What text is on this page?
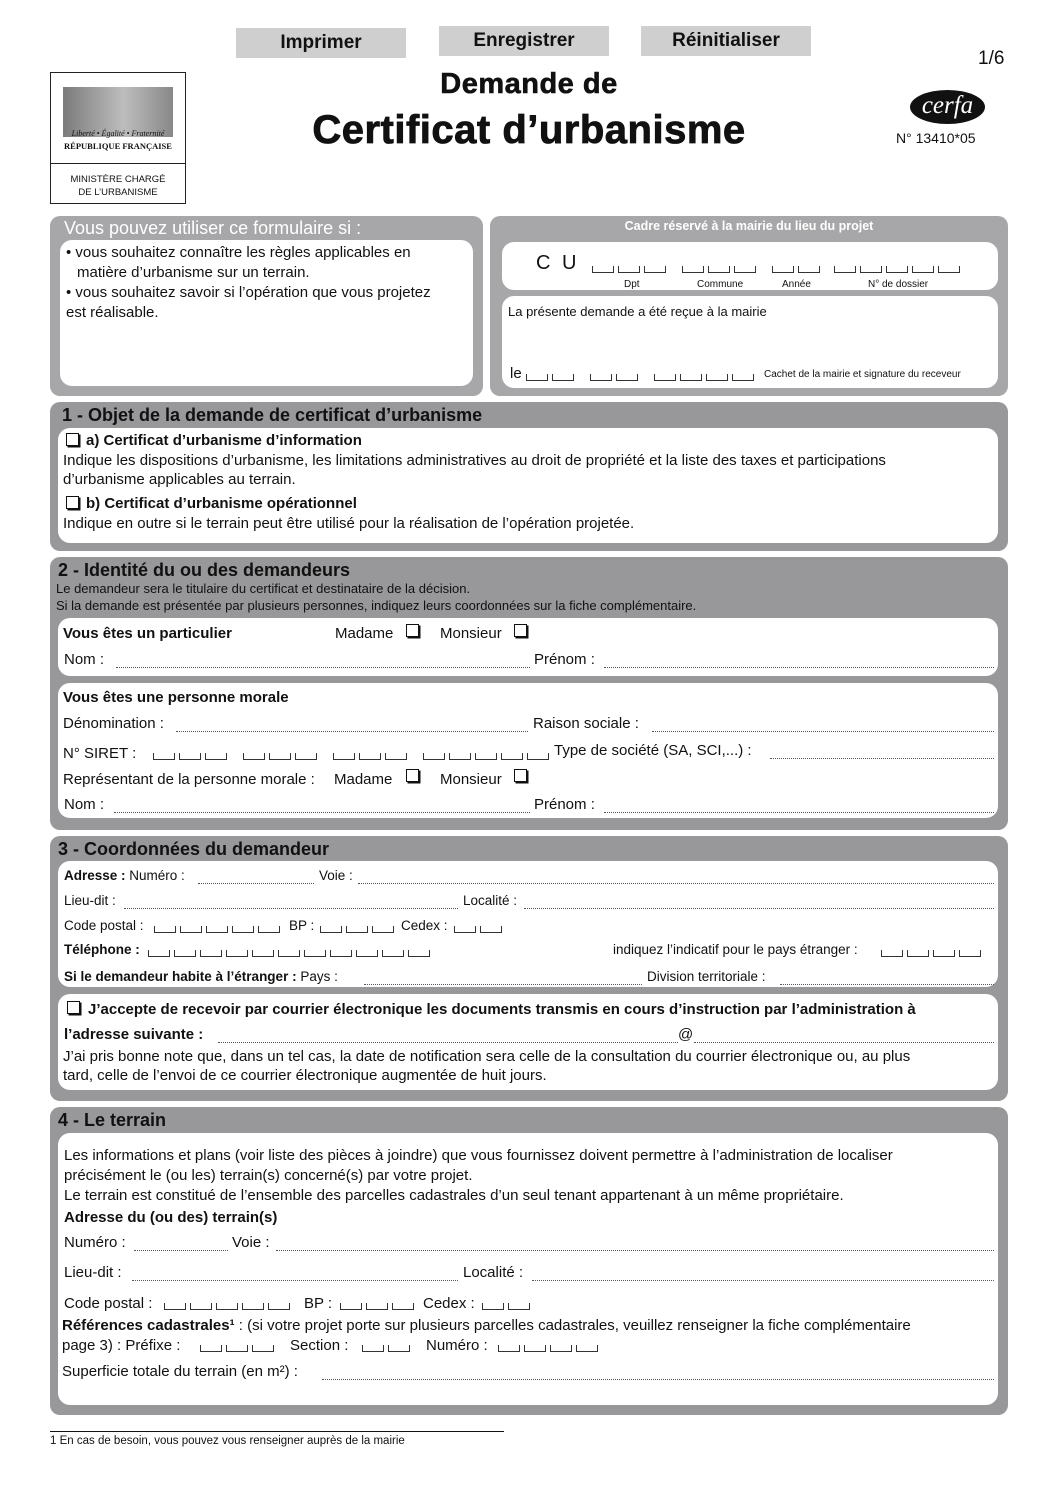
Imprimer	Enregistrer	Réinitialiser
1/6
Liberté • Égalité • Fraternité
RÉPUBLIQUE FRANÇAISE
MINISTÈRE CHARGÉ
DE L’URBANISME
Demande de
Certificat d’urbanisme
cerfa
N° 13410*05
Vous pouvez utiliser ce formulaire si :
• vous souhaitez connaître les règles applicables en
matière d’urbanisme sur un terrain.
• vous souhaitez savoir si l’opération que vous projetez
est réalisable.
Cadre réservé à la mairie du lieu du projet
C U
Dpt	Commune	Année	N° de dossier
La présente demande a été reçue à la mairie
le	Cachet de la mairie et signature du receveur
1 - Objet de la demande de certificat d’urbanisme
a) Certificat d’urbanisme d’information
Indique les dispositions d’urbanisme, les limitations administratives au droit de propriété et la liste des taxes et participations
d’urbanisme applicables au terrain.
b) Certificat d’urbanisme opérationnel
Indique en outre si le terrain peut être utilisé pour la réalisation de l’opération projetée.
2 - Identité du ou des demandeurs
Le demandeur sera le titulaire du certificat et destinataire de la décision.
Si la demande est présentée par plusieurs personnes, indiquez leurs coordonnées sur la fiche complémentaire.
Vous êtes un particulier	Madame	Monsieur
Nom :	Prénom :
Vous êtes une personne morale
Dénomination :	Raison sociale :
N° SIRET :	Type de société (SA, SCI,...) :
Représentant de la personne morale : Madame	Monsieur
Nom :	Prénom :
3 - Coordonnées du demandeur
Adresse : Numéro :	Voie :
Lieu-dit :	Localité :
Code postal :	BP :	Cedex :
Téléphone :	indiquez l’indicatif pour le pays étranger :
Si le demandeur habite à l’étranger : Pays :	Division territoriale :
J’accepte de recevoir par courrier électronique les documents transmis en cours d’instruction par l’administration à
l’adresse suivante :	@
J’ai pris bonne note que, dans un tel cas, la date de notification sera celle de la consultation du courrier électronique ou, au plus
tard, celle de l’envoi de ce courrier électronique augmentée de huit jours.
4 - Le terrain
Les informations et plans (voir liste des pièces à joindre) que vous fournissez doivent permettre à l’administration de localiser
précisément le (ou les) terrain(s) concerné(s) par votre projet.
Le terrain est constitué de l’ensemble des parcelles cadastrales d’un seul tenant appartenant à un même propriétaire.
Adresse du (ou des) terrain(s)
Numéro :	Voie :
Lieu-dit :	Localité :
Code postal :	BP :	Cedex :
Références cadastrales¹ : (si votre projet porte sur plusieurs parcelles cadastrales, veuillez renseigner la fiche complémentaire
page 3) : Préfixe :	Section :	Numéro :
Superficie totale du terrain (en m²) :
1 En cas de besoin, vous pouvez vous renseigner auprès de la mairie
